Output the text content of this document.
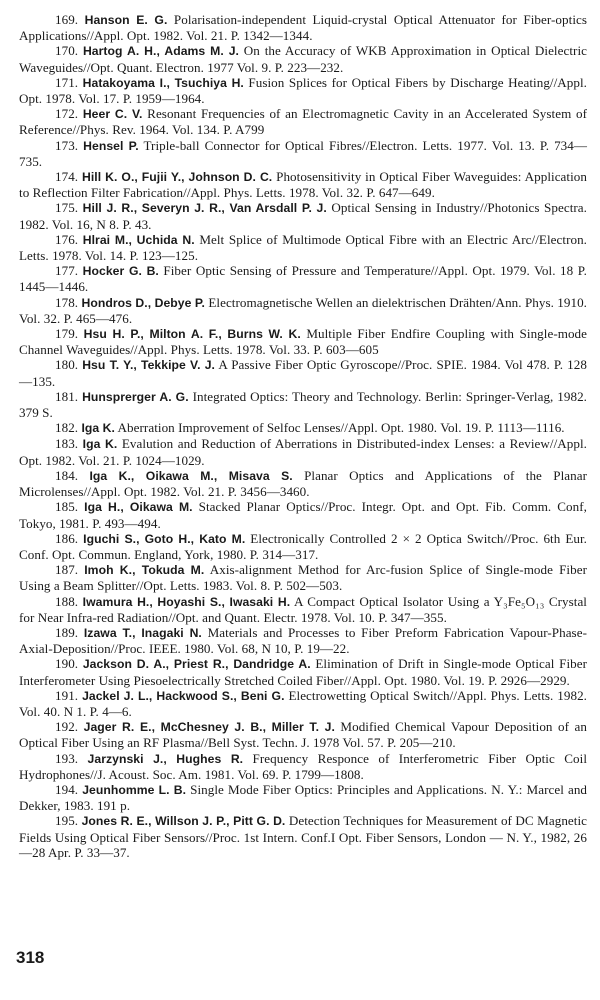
169. Hanson E. G. Polarisation-independent Liquid-crystal Optical Attenuator for Fiber-optics Applications//Appl. Opt. 1982. Vol. 21. P. 1342—1344.

170. Hartog A. H., Adams M. J. On the Accuracy of WKB Approximation in Optical Dielectric Waveguides//Opt. Quant. Electron. 1977 Vol. 9. P. 223—232.

171. Hatakoyama I., Tsuchiya H. Fusion Splices for Optical Fibers by Discharge Heating//Appl. Opt. 1978. Vol. 17. P. 1959—1964.

172. Heer C. V. Resonant Frequencies of an Electromagnetic Cavity in an Accelerated System of Reference//Phys. Rev. 1964. Vol. 134. P. A799

173. Hensel P. Triple-ball Connector for Optical Fibres//Electron. Letts. 1977. Vol. 13. P. 734—735.

174. Hill K. O., Fujii Y., Johnson D. C. Photosensitivity in Optical Fiber Waveguides: Application to Reflection Filter Fabrication//Appl. Phys. Letts. 1978. Vol. 32. P. 647—649.

175. Hill J. R., Severyn J. R., Van Arsdall P. J. Optical Sensing in Industry//Photonics Spectra. 1982. Vol. 16, N 8. P. 43.

176. Hlrai M., Uchida N. Melt Splice of Multimode Optical Fibre with an Electric Arc//Electron. Letts. 1978. Vol. 14. P. 123—125.

177. Hocker G. B. Fiber Optic Sensing of Pressure and Temperature//Appl. Opt. 1979. Vol. 18 P. 1445—1446.

178. Hondros D., Debye P. Electromagnetische Wellen an dielektrischen Drähten/Ann. Phys. 1910. Vol. 32. P. 465—476.

179. Hsu H. P., Milton A. F., Burns W. K. Multiple Fiber Endfire Coupling with Single-mode Channel Waveguides//Appl. Phys. Letts. 1978. Vol. 33. P. 603—605

180. Hsu T. Y., Tekkipe V. J. A Passive Fiber Optic Gyroscope//Proc. SPIE. 1984. Vol 478. P. 128—135.

181. Hunsprerger A. G. Integrated Optics: Theory and Technology. Berlin: Springer-Verlag, 1982. 379 S.

182. Iga K. Aberration Improvement of Selfoc Lenses//Appl. Opt. 1980. Vol. 19. P. 1113—1116.

183. Iga K. Evalution and Reduction of Aberrations in Distributed-index Lenses: a Review//Appl. Opt. 1982. Vol. 21. P. 1024—1029.

184. Iga K., Oikawa M., Misava S. Planar Optics and Applications of the Planar Microlenses//Appl. Opt. 1982. Vol. 21. P. 3456—3460.

185. Iga H., Oikawa M. Stacked Planar Optics//Proc. Integr. Opt. and Opt. Fib. Comm. Conf, Tokyo, 1981. P. 493—494.

186. Iguchi S., Goto H., Kato M. Electronically Controlled 2 × 2 Optica Switch//Proc. 6th Eur. Conf. Opt. Commun. England, York, 1980. P. 314—317.

187. Imoh K., Tokuda M. Axis-alignment Method for Arc-fusion Splice of Single-mode Fiber Using a Beam Splitter//Opt. Letts. 1983. Vol. 8. P. 502—503.

188. Iwamura H., Hoyashi S., Iwasaki H. A Compact Optical Isolator Using a Y₃Fe₅O₁₃ Crystal for Near Infra-red Radiation//Opt. and Quant. Electr. 1978. Vol. 10. P. 347—355.

189. Izawa T., Inagaki N. Materials and Processes to Fiber Preform Fabrication Vapour-Phase-Axial-Deposition//Proc. IEEE. 1980. Vol. 68, N 10, P. 19—22.

190. Jackson D. A., Priest R., Dandridge A. Elimination of Drift in Single-mode Optical Fiber Interferometer Using Piesoelectrically Stretched Coiled Fiber//Appl. Opt. 1980. Vol. 19. P. 2926—2929.

191. Jackel J. L., Hackwood S., Beni G. Electrowetting Optical Switch//Appl. Phys. Letts. 1982. Vol. 40. N 1. P. 4—6.

192. Jager R. E., McChesney J. B., Miller T. J. Modified Chemical Vapour Deposition of an Optical Fiber Using an RF Plasma//Bell Syst. Techn. J. 1978 Vol. 57. P. 205—210.

193. Jarzynski J., Hughes R. Frequency Responce of Interferometric Fiber Optic Coil Hydrophones//J. Acoust. Soc. Am. 1981. Vol. 69. P. 1799—1808.

194. Jeunhomme L. B. Single Mode Fiber Optics: Principles and Applications. N. Y.: Marcel and Dekker, 1983. 191 p.

195. Jones R. E., Willson J. P., Pitt G. D. Detection Techniques for Measurement of DC Magnetic Fields Using Optical Fiber Sensors//Proc. 1st Intern. Conf.I Opt. Fiber Sensors, London — N. Y., 1982, 26—28 Apr. P. 33—37.

318
